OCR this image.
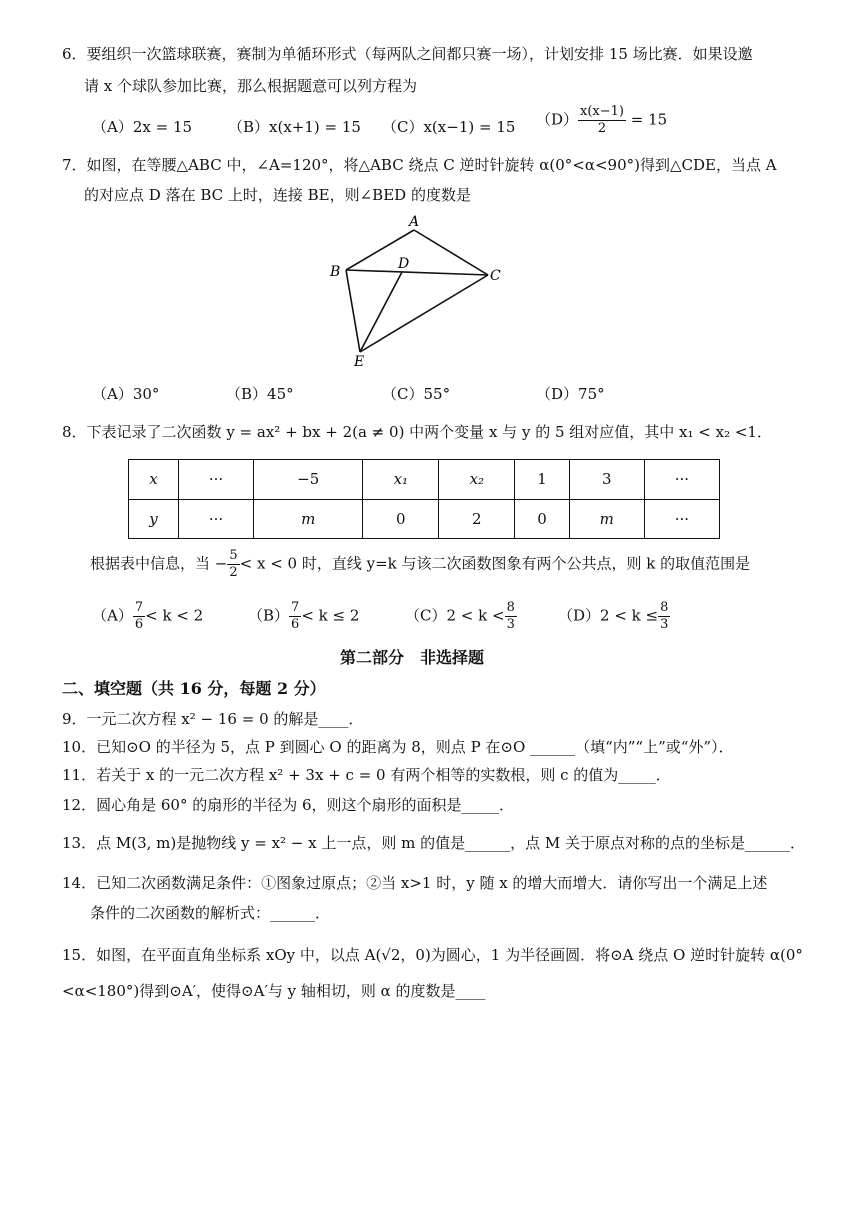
6．要组织一次篮球联赛，赛制为单循环形式（每两队之间都只赛一场），计划安排 15 场比赛．如果设邀
请 x 个球队参加比赛，那么根据题意可以列方程为
（A）2x = 15 （B）x(x+1) = 15 （C）x(x−1) = 15 $(D) \frac{x(x-1)}{2} = 15$
7．如图，在等腰△ABC 中，∠A=120°，将△ABC 绕点 C 逆时针旋转 α(0°<α<90°)得到△CDE，当点 A
的对应点 D 落在 BC 上时，连接 BE，则∠BED 的度数是
A
B	D
C
E
（A）30°	（B）45°	（C）55°	（D）75°
8．下表记录了二次函数 y = ax² + bx + 2(a ≠ 0) 中两个变量 x 与 y 的 5 组对应值，其中 x₁ < x₂ <1．
x	···	−5	x₁	x₂	1	3	···
y	···	m	0	2	0	m	···
根据表中信息，当 − $\frac{5}{2} < x < 0$ 时，直线 y=k 与该二次函数图象有两个公共点，则 k 的取值范围是
$(A) \frac{7}{6} < k < 2$	$(B) \frac{7}{6} < k \le 2$	$(C)2 < k < \frac{8}{3}$	$(D)2 < k \le \frac{8}{3}$
第二部分　非选择题
二、填空题（共 16 分，每题 2 分）
9．一元二次方程 x² − 16 = 0 的解是____．
10．已知⊙O 的半径为 5，点 P 到圆心 O 的距离为 8，则点 P 在⊙O ______（填“内”“上”或“外”）．
11．若关于 x 的一元二次方程 x² + 3x + c = 0 有两个相等的实数根，则 c 的值为_____．
12．圆心角是 60° 的扇形的半径为 6，则这个扇形的面积是_____．
13．点 M(3, m)是抛物线 y = x² − x 上一点，则 m 的值是______，点 M 关于原点对称的点的坐标是______．
14．已知二次函数满足条件：①图象过原点；②当 x>1 时，y 随 x 的增大而增大．请你写出一个满足上述
条件的二次函数的解析式：______．
15．如图，在平面直角坐标系 xOy 中，以点 A(√2，0)为圆心，1 为半径画圆．将⊙A 绕点 O 逆时针旋转 α(0°
<α<180°)得到⊙A′，使得⊙A′与 y 轴相切，则 α 的度数是____
